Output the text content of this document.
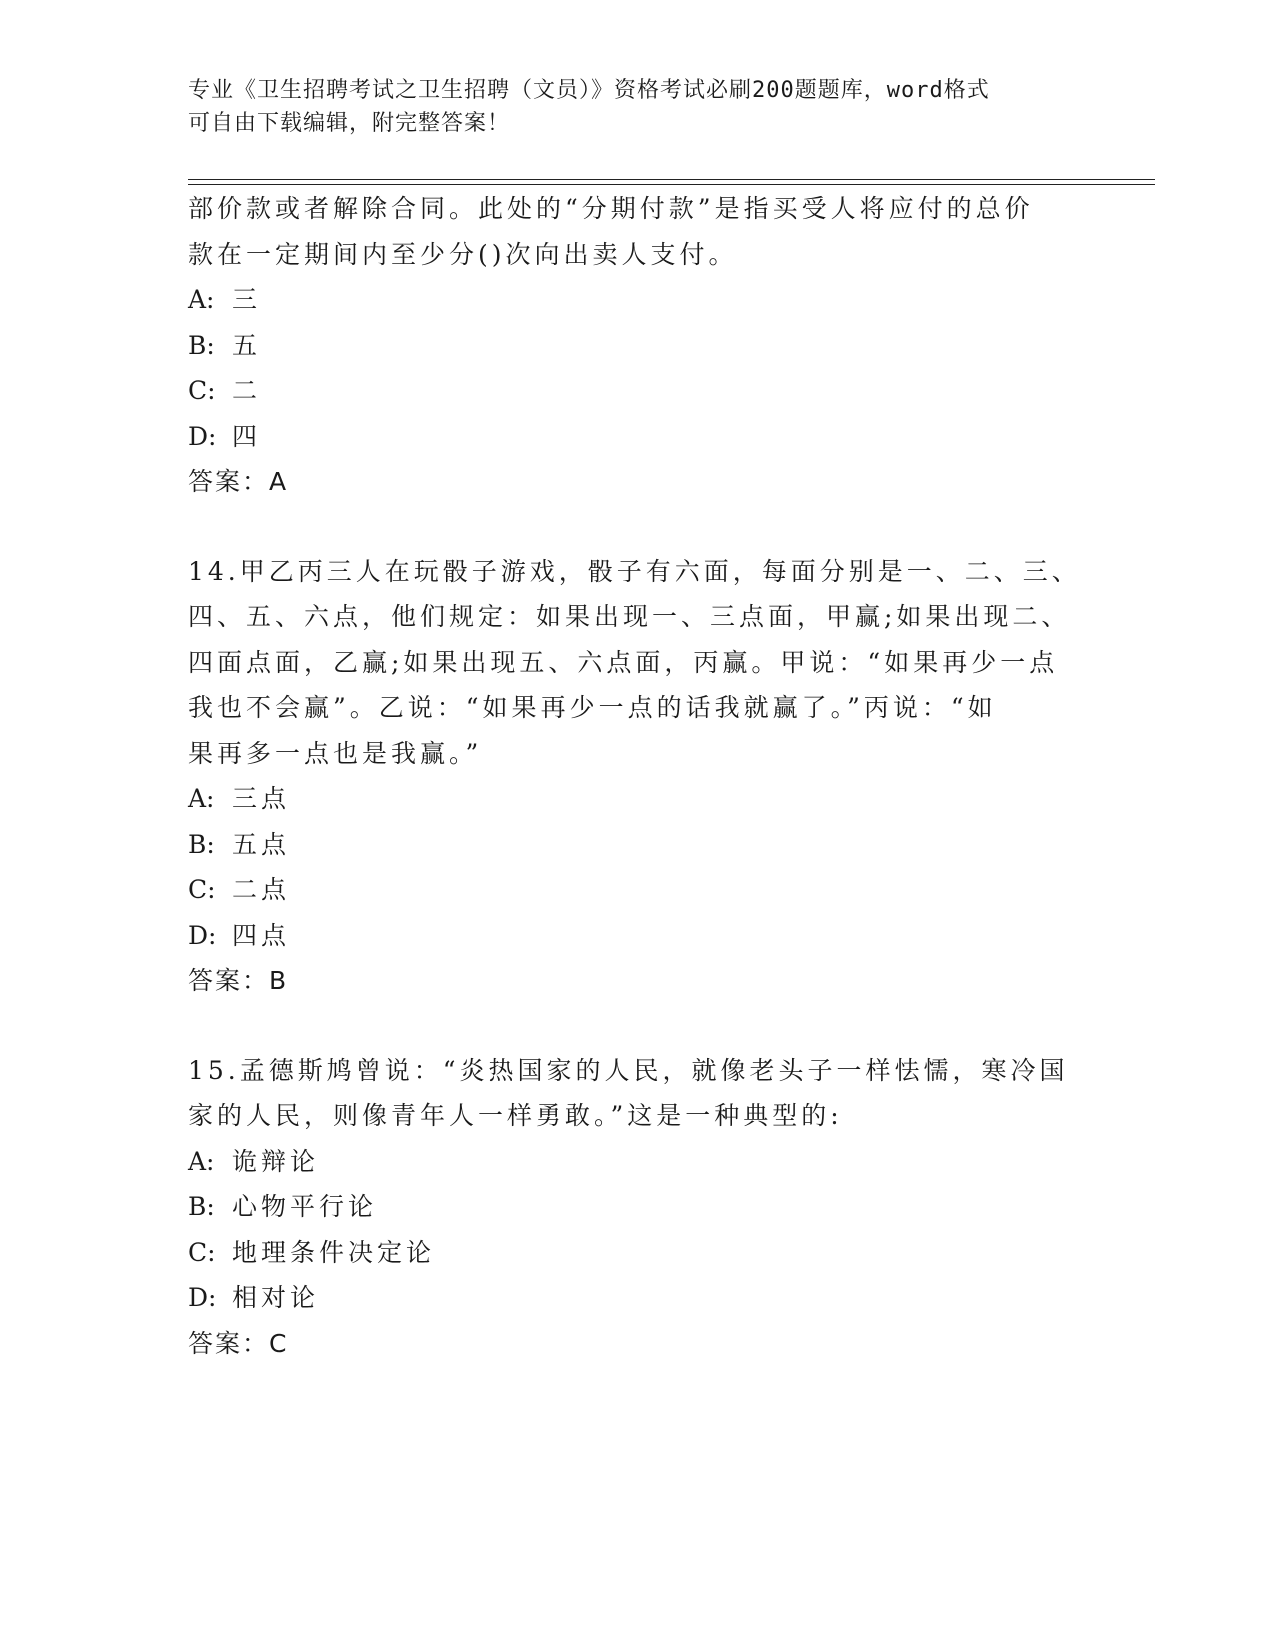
专业《卫生招聘考试之卫生招聘（文员）》资格考试必刷200题题库，word格式
可自由下载编辑，附完整答案！
部价款或者解除合同。此处的“分期付款”是指买受人将应付的总价
款在一定期间内至少分()次向出卖人支付。
A: 三
B: 五
C: 二
D: 四
答案：A
14.甲乙丙三人在玩骰子游戏，骰子有六面，每面分别是一、二、三、
四、五、六点，他们规定：如果出现一、三点面，甲赢;如果出现二、
四面点面，乙赢;如果出现五、六点面，丙赢。甲说：“如果再少一点
我也不会赢”。乙说：“如果再少一点的话我就赢了。”丙说：“如
果再多一点也是我赢。”
A: 三点
B: 五点
C: 二点
D: 四点
答案：B
15.孟德斯鸠曾说：“炎热国家的人民，就像老头子一样怯懦，寒冷国
家的人民，则像青年人一样勇敢。”这是一种典型的:
A: 诡辩论
B: 心物平行论
C: 地理条件决定论
D: 相对论
答案：C
